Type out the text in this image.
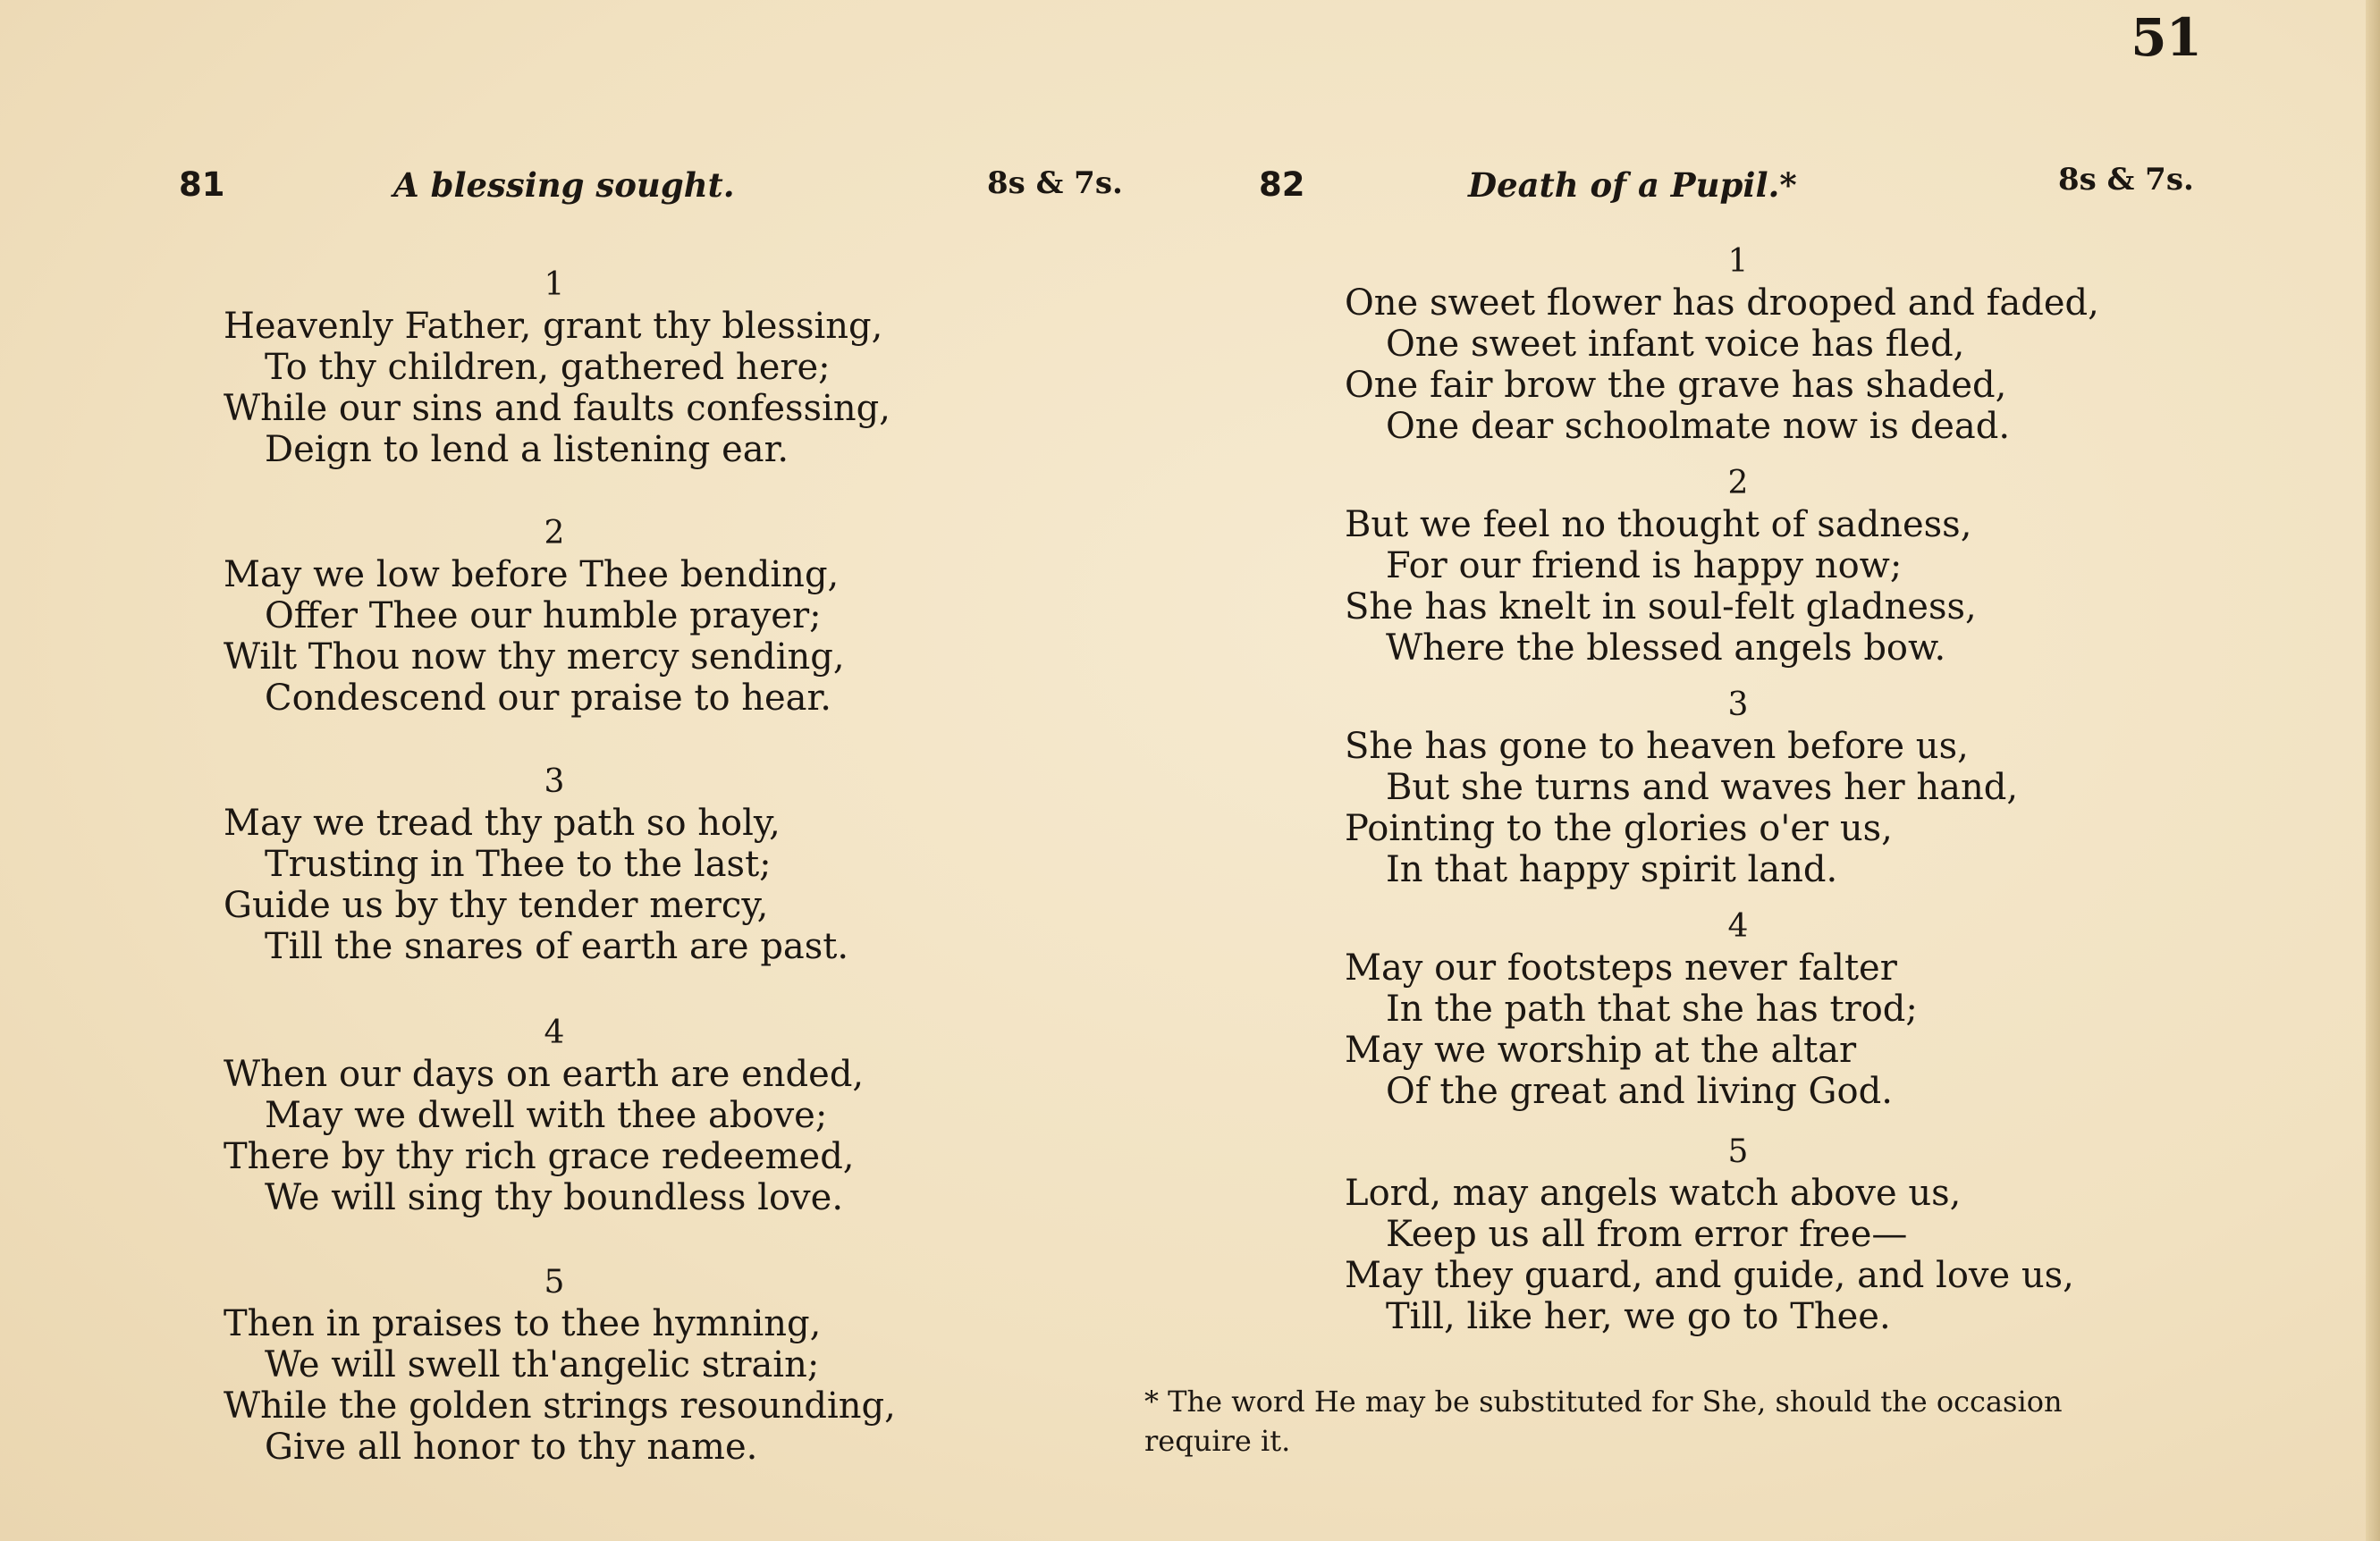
51
81	A blessing sought.	8s & 7s.	82	Death of a Pupil.*	8s & 7s.
1
Heavenly Father, grant thy blessing,
To thy children, gathered here;
While our sins and faults confessing,
Deign to lend a listening ear.
2
May we low before Thee bending,
Offer Thee our humble prayer;
Wilt Thou now thy mercy sending,
Condescend our praise to hear.
3
May we tread thy path so holy,
Trusting in Thee to the last;
Guide us by thy tender mercy,
Till the snares of earth are past.
4
When our days on earth are ended,
May we dwell with thee above;
There by thy rich grace redeemed,
We will sing thy boundless love.
5
Then in praises to thee hymning,
We will swell th'angelic strain;
While the golden strings resounding,
Give all honor to thy name.
1
One sweet flower has drooped and faded,
One sweet infant voice has fled,
One fair brow the grave has shaded,
One dear schoolmate now is dead.
2
But we feel no thought of sadness,
For our friend is happy now;
She has knelt in soul-felt gladness,
Where the blessed angels bow.
3
She has gone to heaven before us,
But she turns and waves her hand,
Pointing to the glories o'er us,
In that happy spirit land.
4
May our footsteps never falter
In the path that she has trod;
May we worship at the altar
Of the great and living God.
5
Lord, may angels watch above us,
Keep us all from error free—
May they guard, and guide, and love us,
Till, like her, we go to Thee.
* The word He may be substituted for She, should the occasion
require it.
